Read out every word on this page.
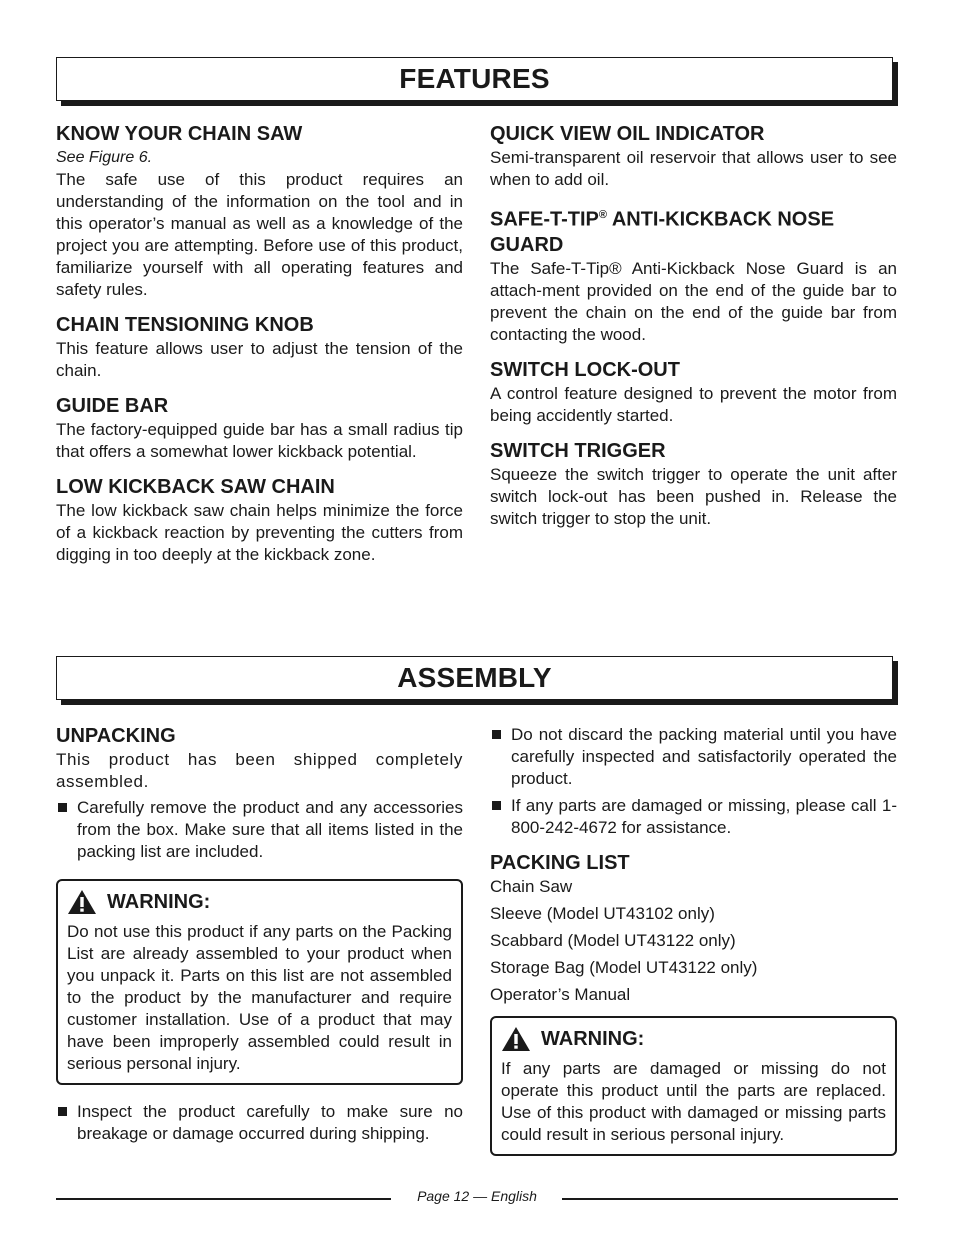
FEATURES
KNOW YOUR CHAIN SAW

See Figure 6.

The safe use of this product requires an understanding of the information on the tool and in this operator’s manual as well as a knowledge of the project you are attempting. Before use of this product, familiarize yourself with all operating features and safety rules.

CHAIN TENSIONING KNOB

This feature allows user to adjust the tension of the chain.

GUIDE BAR

The factory-equipped guide bar has a small radius tip that offers a somewhat lower kickback potential.

LOW KICKBACK SAW CHAIN

The low kickback saw chain helps minimize the force of a kickback reaction by preventing the cutters from digging in too deeply at the kickback zone.

QUICK VIEW OIL INDICATOR

Semi-transparent oil reservoir that allows user to see when to add oil.

SAFE-T-TIP® ANTI-KICKBACK NOSE GUARD

The Safe-T-Tip® Anti-Kickback Nose Guard is an attach-ment provided on the end of the guide bar to prevent the chain on the end of the guide bar from contacting the wood.

SWITCH LOCK-OUT

A control feature designed to prevent the motor from being accidently started.

SWITCH TRIGGER

Squeeze the switch trigger to operate the unit after switch lock-out has been pushed in. Release the switch trigger to stop the unit.

ASSEMBLY
UNPACKING

This product has been shipped completely assembled.

Carefully remove the product and any accessories from the box. Make sure that all items listed in the packing list are included.
WARNING:

Do not use this product if any parts on the Packing List are already assembled to your product when you unpack it. Parts on this list are not assembled to the product by the manufacturer and require customer installation. Use of a product that may have been improperly assembled could result in serious personal injury.

Inspect the product carefully to make sure no breakage or damage occurred during shipping.
Do not discard the packing material until you have carefully inspected and satisfactorily operated the product.
If any parts are damaged or missing, please call 1-800-242-4672 for assistance.
PACKING LIST
Chain Saw
Sleeve (Model UT43102 only)
Scabbard (Model UT43122 only)
Storage Bag (Model UT43122 only)
Operator’s Manual
WARNING:

If any parts are damaged or missing do not operate this product until the parts are replaced. Use of this product with damaged or missing parts could result in serious personal injury.

Page 12 — English
